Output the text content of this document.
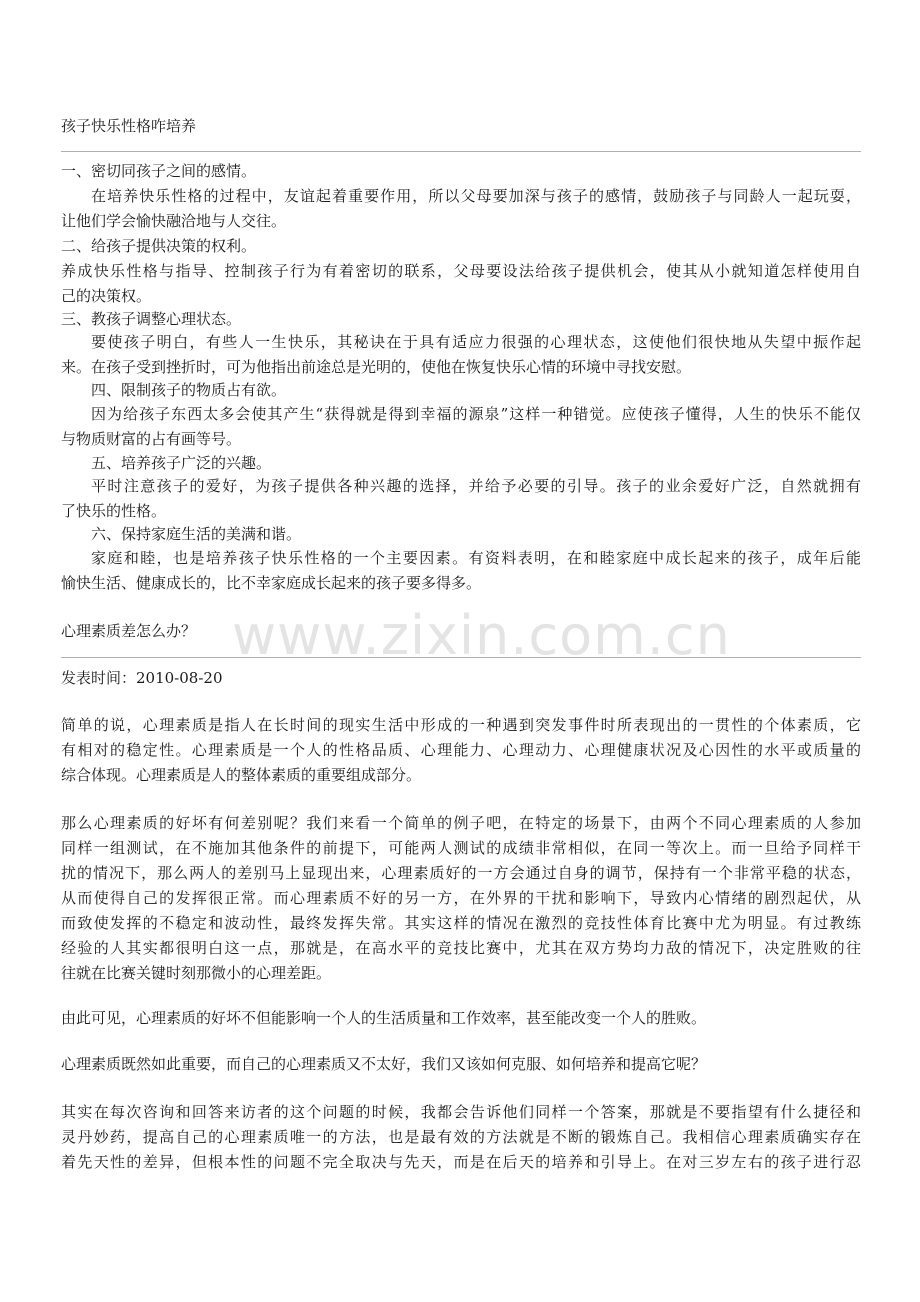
www.zixin.com.cn
孩子快乐性格咋培养
一、密切同孩子之间的感情。
在培养快乐性格的过程中，友谊起着重要作用，所以父母要加深与孩子的感情，鼓励孩子与同龄人一起玩耍，
让他们学会愉快融洽地与人交往。
二、给孩子提供决策的权利。
养成快乐性格与指导、控制孩子行为有着密切的联系，父母要设法给孩子提供机会，使其从小就知道怎样使用自
己的决策权。
三、教孩子调整心理状态。
要使孩子明白，有些人一生快乐，其秘诀在于具有适应力很强的心理状态，这使他们很快地从失望中振作起
来。在孩子受到挫折时，可为他指出前途总是光明的，使他在恢复快乐心情的环境中寻找安慰。
四、限制孩子的物质占有欲。
因为给孩子东西太多会使其产生“获得就是得到幸福的源泉”这样一种错觉。应使孩子懂得，人生的快乐不能仅
与物质财富的占有画等号。
五、培养孩子广泛的兴趣。
平时注意孩子的爱好，为孩子提供各种兴趣的选择，并给予必要的引导。孩子的业余爱好广泛，自然就拥有
了快乐的性格。
六、保持家庭生活的美满和谐。
家庭和睦，也是培养孩子快乐性格的一个主要因素。有资料表明，在和睦家庭中成长起来的孩子，成年后能
愉快生活、健康成长的，比不幸家庭成长起来的孩子要多得多。
心理素质差怎么办？
发表时间：2010-08-20
简单的说，心理素质是指人在长时间的现实生活中形成的一种遇到突发事件时所表现出的一贯性的个体素质，它
有相对的稳定性。心理素质是一个人的性格品质、心理能力、心理动力、心理健康状况及心因性的水平或质量的
综合体现。心理素质是人的整体素质的重要组成部分。
那么心理素质的好坏有何差别呢？我们来看一个简单的例子吧，在特定的场景下，由两个不同心理素质的人参加
同样一组测试，在不施加其他条件的前提下，可能两人测试的成绩非常相似，在同一等次上。而一旦给予同样干
扰的情况下，那么两人的差别马上显现出来，心理素质好的一方会通过自身的调节，保持有一个非常平稳的状态，
从而使得自己的发挥很正常。而心理素质不好的另一方，在外界的干扰和影响下，导致内心情绪的剧烈起伏，从
而致使发挥的不稳定和波动性，最终发挥失常。其实这样的情况在激烈的竞技性体育比赛中尤为明显。有过教练
经验的人其实都很明白这一点，那就是，在高水平的竞技比赛中，尤其在双方势均力敌的情况下，决定胜败的往
往就在比赛关键时刻那微小的心理差距。
由此可见，心理素质的好坏不但能影响一个人的生活质量和工作效率，甚至能改变一个人的胜败。
心理素质既然如此重要，而自己的心理素质又不太好，我们又该如何克服、如何培养和提高它呢？
其实在每次咨询和回答来访者的这个问题的时候，我都会告诉他们同样一个答案，那就是不要指望有什么捷径和
灵丹妙药，提高自己的心理素质唯一的方法，也是最有效的方法就是不断的锻炼自己。我相信心理素质确实存在
着先天性的差异，但根本性的问题不完全取决与先天，而是在后天的培养和引导上。在对三岁左右的孩子进行忍
